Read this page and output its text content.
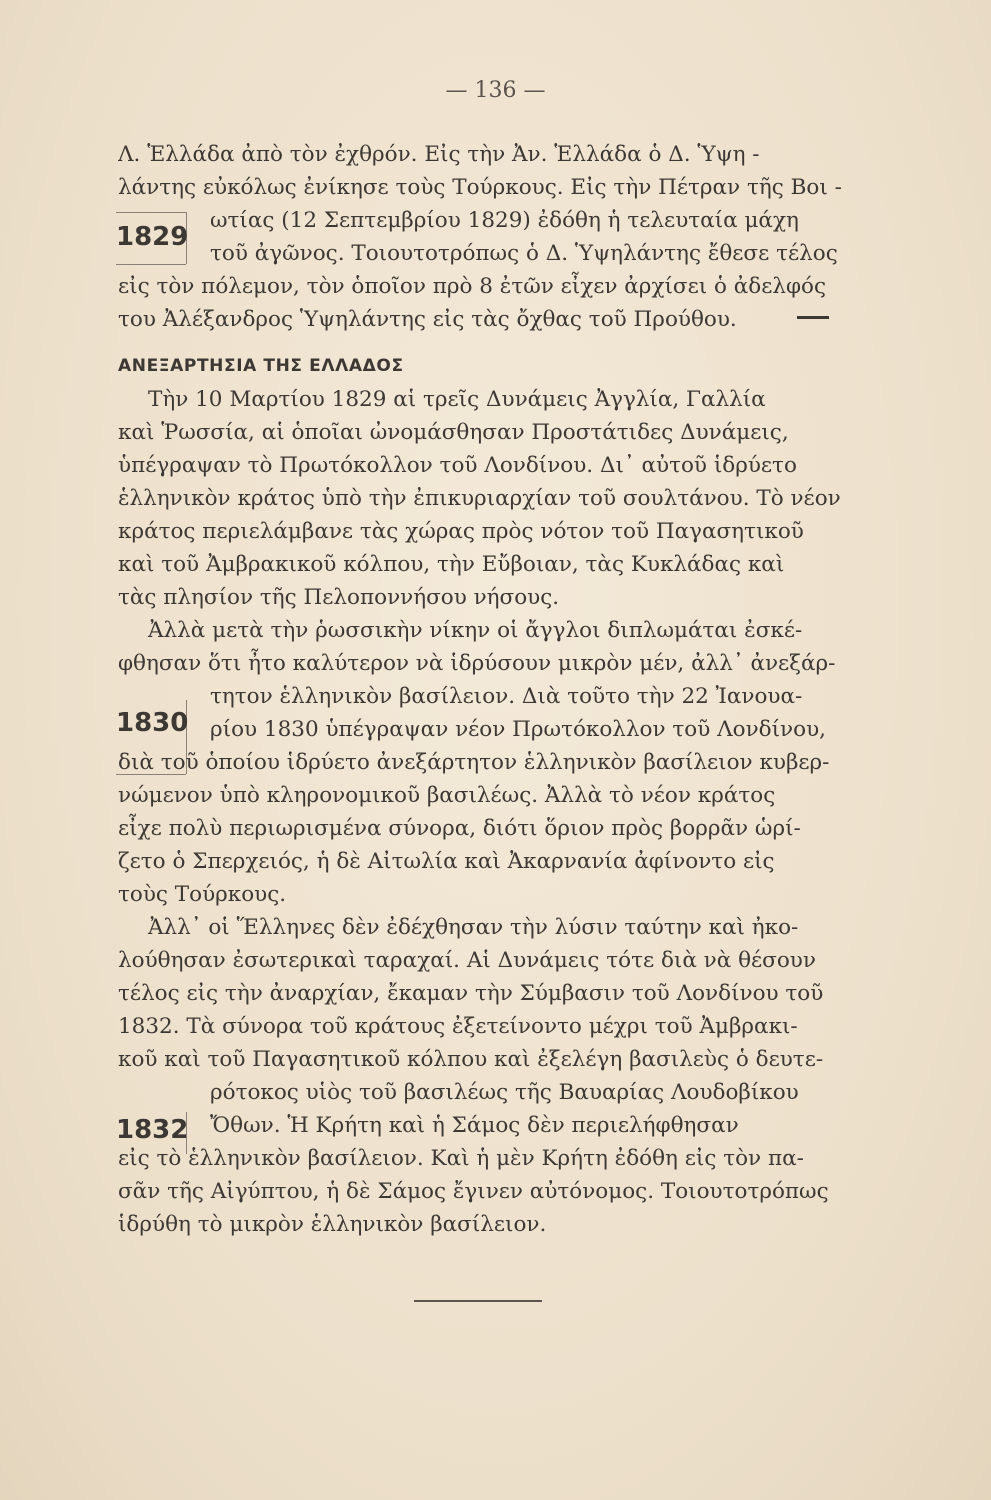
— 136 —
1829
1830
1832
Λ. Ἑλλάδα ἀπὸ τὸν ἐχθρόν. Εἰς τὴν Ἀν. Ἑλλάδα ὁ Δ. Ὑψη -
λάντης εὐκόλως ἐνίκησε τοὺς Τούρκους. Εἰς τὴν Πέτραν τῆς Βοι -
ωτίας (12 Σεπτεμβρίου 1829) ἐδόθη ἡ τελευταία μάχη
τοῦ ἀγῶνος. Τοιουτοτρόπως ὁ Δ. Ὑψηλάντης ἔθεσε τέλος
εἰς τὸν πόλεμον, τὸν ὁποῖον πρὸ 8 ἐτῶν εἶχεν ἀρχίσει ὁ ἀδελφός
του Ἀλέξανδρος Ὑψηλάντης εἰς τὰς ὄχθας τοῦ Προύθου.
ΑΝΕΞΑΡΤΗΣΙΑ ΤΗΣ ΕΛΛΑΔΟΣ
Τὴν 10 Μαρτίου 1829 αἱ τρεῖς Δυνάμεις Ἀγγλία, Γαλλία
καὶ Ῥωσσία, αἱ ὁποῖαι ὠνομάσθησαν Προστάτιδες Δυνάμεις,
ὑπέγραψαν τὸ Πρωτόκολλον τοῦ Λονδίνου. Δι᾽ αὐτοῦ ἱδρύετο
ἑλληνικὸν κράτος ὑπὸ τὴν ἐπικυριαρχίαν τοῦ σουλτάνου. Τὸ νέον
κράτος περιελάμβανε τὰς χώρας πρὸς νότον τοῦ Παγασητικοῦ
καὶ τοῦ Ἀμβρακικοῦ κόλπου, τὴν Εὔβοιαν, τὰς Κυκλάδας καὶ
τὰς πλησίον τῆς Πελοποννήσου νήσους.
Ἀλλὰ μετὰ τὴν ῥωσσικὴν νίκην οἱ ἄγγλοι διπλωμάται ἐσκέ-
φθησαν ὅτι ἦτο καλύτερον νὰ ἱδρύσουν μικρὸν μέν, ἀλλ᾽ ἀνεξάρ-
τητον ἑλληνικὸν βασίλειον. Διὰ τοῦτο τὴν 22 Ἰανουα-
ρίου 1830 ὑπέγραψαν νέον Πρωτόκολλον τοῦ Λονδίνου,
διὰ τοῦ ὁποίου ἱδρύετο ἀνεξάρτητον ἑλληνικὸν βασίλειον κυβερ-
νώμενον ὑπὸ κληρονομικοῦ βασιλέως. Ἀλλὰ τὸ νέον κράτος
εἶχε πολὺ περιωρισμένα σύνορα, διότι ὅριον πρὸς βορρᾶν ὡρί-
ζετο ὁ Σπερχειός, ἡ δὲ Αἰτωλία καὶ Ἀκαρνανία ἀφίνοντο εἰς
τοὺς Τούρκους.
Ἀλλ᾽ οἱ Ἕλληνες δὲν ἐδέχθησαν τὴν λύσιν ταύτην καὶ ἠκο-
λούθησαν ἐσωτερικαὶ ταραχαί. Αἱ Δυνάμεις τότε διὰ νὰ θέσουν
τέλος εἰς τὴν ἀναρχίαν, ἔκαμαν τὴν Σύμβασιν τοῦ Λονδίνου τοῦ
1832. Τὰ σύνορα τοῦ κράτους ἐξετείνοντο μέχρι τοῦ Ἀμβρακι-
κοῦ καὶ τοῦ Παγασητικοῦ κόλπου καὶ ἐξελέγη βασιλεὺς ὁ δευτε-
ρότοκος υἱὸς τοῦ βασιλέως τῆς Βαυαρίας Λουδοβίκου
Ὄθων. Ἡ Κρήτη καὶ ἡ Σάμος δὲν περιελήφθησαν
εἰς τὸ ἑλληνικὸν βασίλειον. Καὶ ἡ μὲν Κρήτη ἐδόθη εἰς τὸν πα-
σᾶν τῆς Αἰγύπτου, ἡ δὲ Σάμος ἔγινεν αὐτόνομος. Τοιουτοτρόπως
ἱδρύθη τὸ μικρὸν ἑλληνικὸν βασίλειον.
